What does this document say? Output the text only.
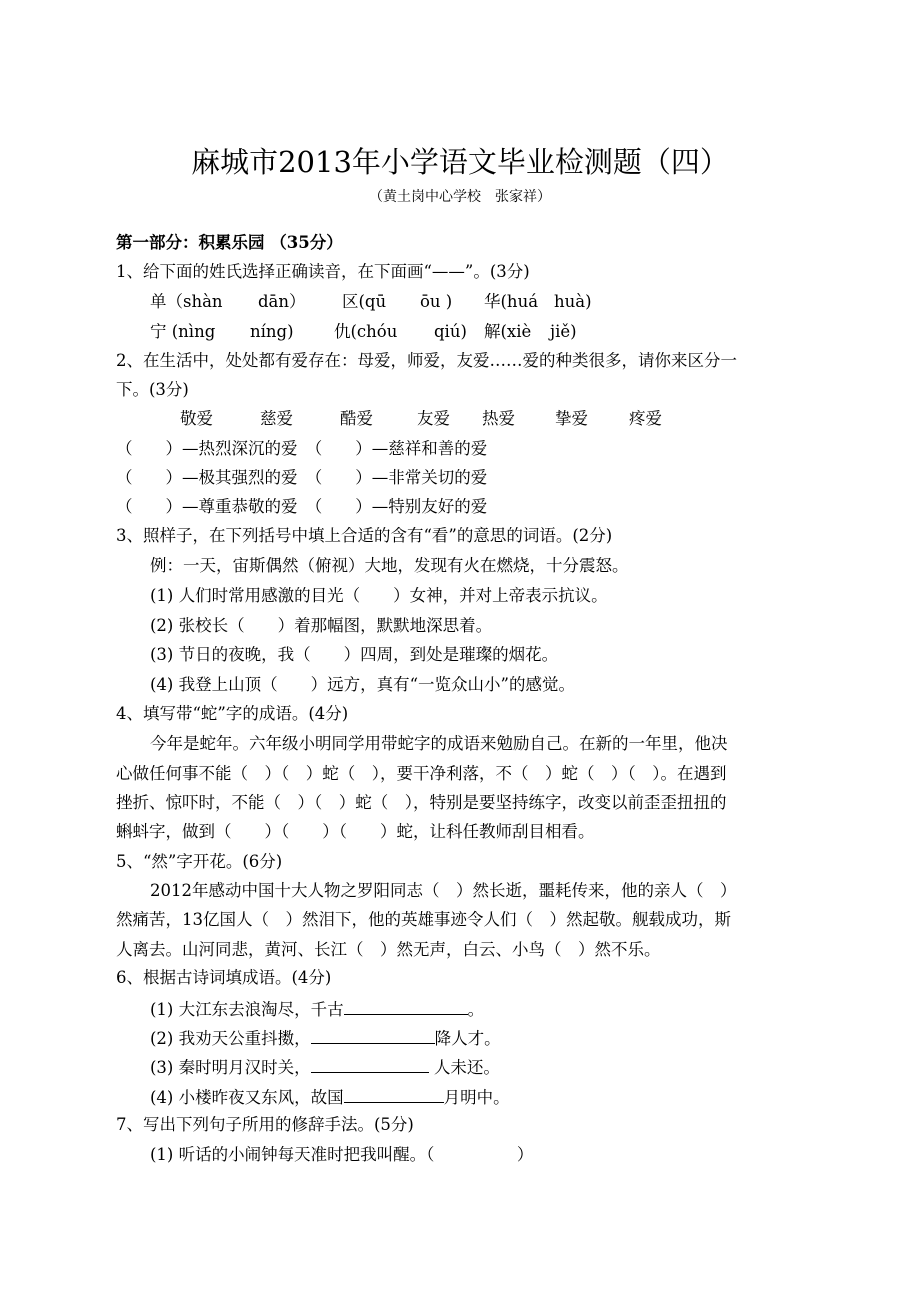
麻城市2013年小学语文毕业检测题（四）
（黄土岗中心学校　张家祥）
第一部分：积累乐园 （35分）
1、给下面的姓氏选择正确读音，在下面画“——”。(3分)
单（shàn dān） 区(qū ōu ) 华(huá huà)
宁 (nìng níng) 仇(chóu qiú) 解(xiè jiě)
2、在生活中，处处都有爱存在：母爱，师爱，友爱……爱的种类很多，请你来区分一
下。(3分)
敬爱	慈爱	酷爱	友爱 热爱 挚爱 疼爱
（　　）—热烈深沉的爱　（　　）—慈祥和善的爱
（　　）—极其强烈的爱　（　　）—非常关切的爱
（　　）—尊重恭敬的爱　（　　）—特别友好的爱
3、照样子，在下列括号中填上合适的含有“看”的意思的词语。(2分)
例：一天，宙斯偶然（俯视）大地，发现有火在燃烧，十分震怒。
(1) 人们时常用感激的目光（　　）女神，并对上帝表示抗议。
(2) 张校长（　　）着那幅图，默默地深思着。
(3) 节日的夜晚，我（　　）四周，到处是璀璨的烟花。
(4) 我登上山顶（　　）远方，真有“一览众山小”的感觉。
4、填写带“蛇”字的成语。(4分)
今年是蛇年。六年级小明同学用带蛇字的成语来勉励自己。在新的一年里，他决
心做任何事不能（　）（　）蛇（　），要干净利落，不（　）蛇（　）（　）。在遇到
挫折、惊吓时，不能（　）（　）蛇（　），特别是要坚持练字，改变以前歪歪扭扭的
蝌蚪字，做到（　　）（　　）（　　）蛇，让科任教师刮目相看。
5、“然”字开花。(6分)
2012年感动中国十大人物之罗阳同志（　）然长逝，噩耗传来，他的亲人（　）
然痛苦，13亿国人（　）然泪下，他的英雄事迹令人们（　）然起敬。舰载成功，斯
人离去。山河同悲，黄河、长江（　）然无声，白云、小鸟（　）然不乐。
6、根据古诗词填成语。(4分)
(1) 大江东去浪淘尽，千古	。
(2) 我劝天公重抖擞，	降人才。
(3) 秦时明月汉时关，	人未还。
(4) 小楼昨夜又东风，故国	月明中。
7、写出下列句子所用的修辞手法。(5分)
(1) 听话的小闹钟每天准时把我叫醒。（　　　　　）
